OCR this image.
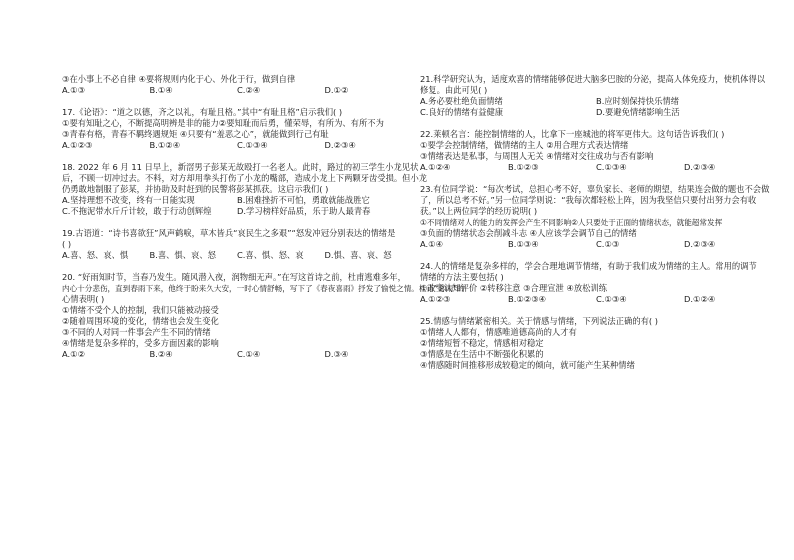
③在小事上不必自律 ④要将规则内化于心、外化于行，做到自律
A.①③	B.①④	C.②④	D.①②
17.《论语》：“道之以德，齐之以礼，有耻且格。”其中“有耻且格”启示我们( )
①要有知耻之心，不断提高明辨是非的能力②要知耻而后勇，懂荣辱，有所为、有所不为
③青春有格，青春不羁终遇规矩 ④只要有“羞恶之心”，就能做到行己有耻
A.①②③	B.①②④	C.①③④	D.②③④
18. 2022 年 6 月 11 日早上，新滘男子彭某无故殴打一名老人。此时，路过的初三学生小龙见状
后，不顾一切冲过去。不料，对方却用拳头打伤了小龙的嘴部，造成小龙上下两颗牙齿受损。但小龙
仍勇敢地制服了彭某，并协助及时赶到的民警将彭某抓获。这启示我们( )
A.坚持理想不改变，终有一日能实现	B.困难挫折不可怕，勇敢就能战胜它
C.不拖泥带水斤斤计较，敢于行动创辉煌	D.学习榜样好品质，乐于助人最青春
19.古语道：“诗书喜欲狂”风声鹤唳，草木皆兵“哀民生之多艰”“怒发冲冠分别表达的情绪是
( )
A.喜、怒、哀、惧	B.喜、惧、哀、怒	C.喜、惧、怒、哀	D.惧、喜、哀、怒
20. “好雨知时节，当春乃发生。随风潜入夜，润物细无声。”在写这首诗之前，杜甫逃难多年，
内心十分悲伤，直到春雨下来，他终于盼来久大安，一时心情舒畅，写下了《春夜喜雨》抒发了愉悦之情。杜甫“喜雨”的
心情表明( )
①情绪不受个人的控制，我们只能被动接受
②随着周围环境的变化，情绪也会发生变化
③不同的人对同一件事会产生不同的情绪
④情绪是复杂多样的，受多方面因素的影响
A.①②	B.②④	C.①④	D.③④
21.科学研究认为，适度欢喜的情绪能够促进大脑多巴胺的分泌，提高人体免疫力，使机体得以
修复。由此可见( )
A.务必要杜绝负面情绪	B.应时刻保持快乐情绪
C.良好的情绪有益健康	D.要避免情绪影响生活
22.莱顿名言：能控制情绪的人，比拿下一座城池的将军更伟大。这句话告诉我们( )
①要学会控制情绪，做情绪的主人 ②用合理方式表达情绪
③情绪表达是私事，与周围人无关 ④情绪对交往成功与否有影响
A.①②④	B.①②③	C.①③④	D.②③④
23.有位同学说：“每次考试，总担心考不好，辜负家长、老师的期望，结果连会做的题也不会做
了，所以总考不好。”另一位同学则说：“我每次都轻松上阵，因为我坚信只要付出努力会有收
获。”以上两位同学的经历说明( )
①不同情绪对人的能力的发挥会产生不同影响②人只要处于正面的情绪状态，就能超常发挥
③负面的情绪状态会削减斗志 ④人应该学会调节自己的情绪
A.①④	B.①③④	C.①③	D.②③④
24.人的情绪是复杂多样的，学会合理地调节情绪，有助于我们成为情绪的主人。常用的调节
情绪的方法主要包括( )
①改变认知评价 ②转移注意 ③合理宣泄 ④放松训练
A.①②③	B.①②③④	C.①③④	D.①②④
25.情感与情绪紧密相关。关于情感与情绪，下列说法正确的有( )
①情绪人人都有，情感唯道德高尚的人才有
②情绪短暂不稳定，情感相对稳定
③情感是在生活中不断强化积累的
④情感随时间推移形成较稳定的倾向，就可能产生某种情绪
